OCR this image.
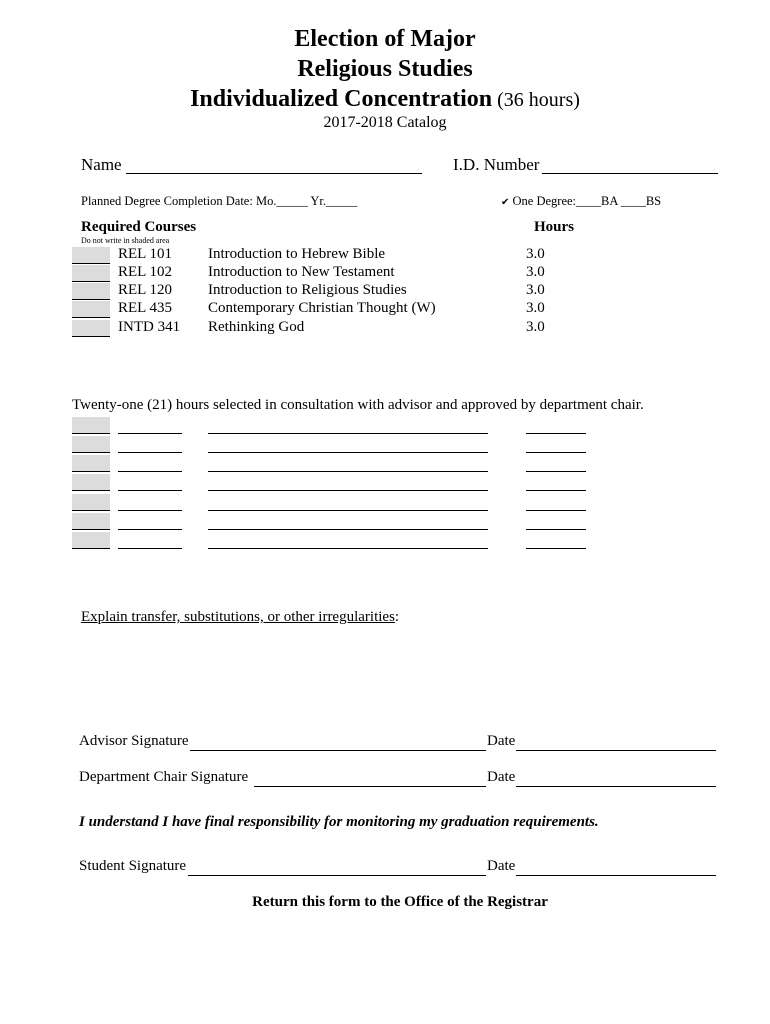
Election of Major
Religious Studies
Individualized Concentration (36 hours)
2017-2018 Catalog
Name	I.D. Number
Planned Degree Completion Date: Mo._____ Yr._____	✔ One Degree:____BA ____BS
Required Courses	Hours
Do not write in shaded area
REL 101 Introduction to Hebrew Bible	3.0
REL 102 Introduction to New Testament	3.0
REL 120 Introduction to Religious Studies	3.0
REL 435 Contemporary Christian Thought (W)	3.0
INTD 341 Rethinking God	3.0
Twenty-one (21) hours selected in consultation with advisor and approved by department chair.
Explain transfer, substitutions, or other irregularities:
Advisor Signature	Date
Department Chair Signature	Date
I understand I have final responsibility for monitoring my graduation requirements.
Student Signature	Date
Return this form to the Office of the Registrar
